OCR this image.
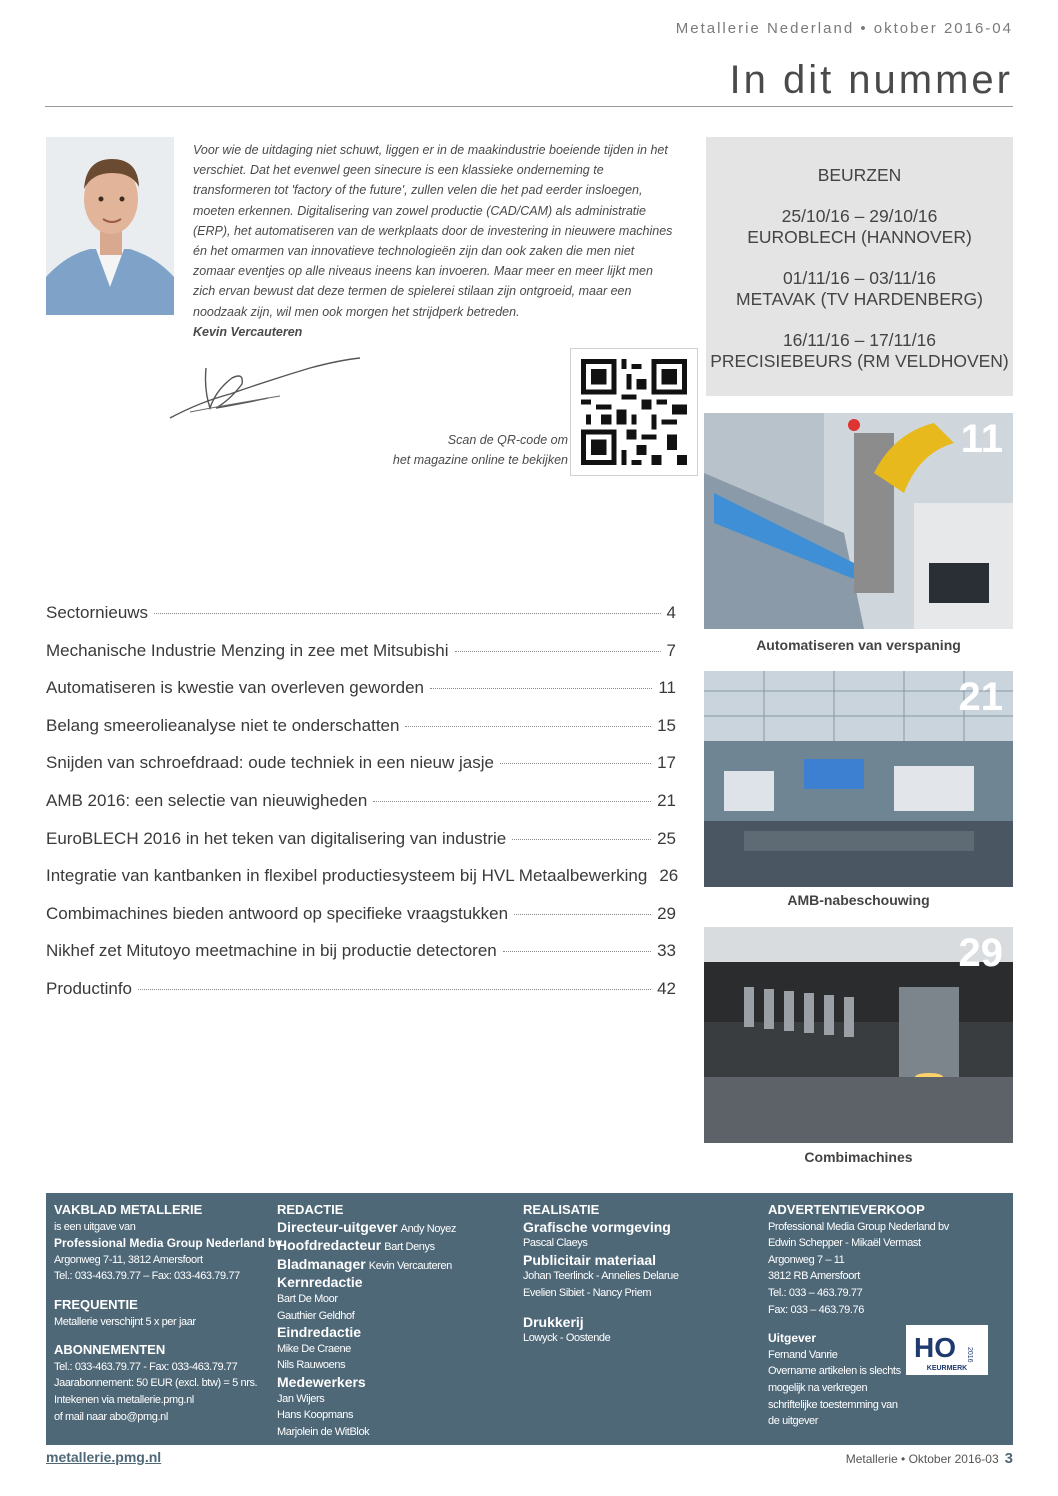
Metallerie Nederland • oktober 2016-04
In dit nummer
Voor wie de uitdaging niet schuwt, liggen er in de maakindustrie boeiende tijden in het verschiet. Dat het evenwel geen sinecure is een klassieke onderneming te transformeren tot 'factory of the future', zullen velen die het pad eerder insloegen, moeten erkennen. Digitalisering van zowel productie (CAD/CAM) als administratie (ERP), het automatiseren van de werkplaats door de investering in nieuwere machines én het omarmen van innovatieve technologieën zijn dan ook zaken die men niet zomaar eventjes op alle niveaus ineens kan invoeren. Maar meer en meer lijkt men zich ervan bewust dat deze termen de spielerei stilaan zijn ontgroeid, maar een noodzaak zijn, wil men ook morgen het strijdperk betreden.
Kevin Vercauteren
Scan de QR-code om
het magazine online te bekijken
BEURZEN
25/10/16 – 29/10/16
EUROBLECH (HANNOVER)
01/11/16 – 03/11/16
METAVAK (TV HARDENBERG)
16/11/16 – 17/11/16
PRECISIEBEURS (RM VELDHOVEN)
11
Automatiseren van verspaning
21
AMB-nabeschouwing
29
Combimachines
Sectornieuws	4
Mechanische Industrie Menzing in zee met Mitsubishi	7
Automatiseren is kwestie van overleven geworden	11
Belang smeerolieanalyse niet te onderschatten	15
Snijden van schroefdraad: oude techniek in een nieuw jasje	17
AMB 2016: een selectie van nieuwigheden	21
EuroBLECH 2016 in het teken van digitalisering van industrie	25
Integratie van kantbanken in flexibel productiesysteem bij HVL Metaalbewerking 26
Combimachines bieden antwoord op specifieke vraagstukken	29
Nikhef zet Mitutoyo meetmachine in bij productie detectoren	33
Productinfo	42
VAKBLAD METALLERIE
is een uitgave van
Professional Media Group Nederland bv
Argonweg 7-11, 3812 Amersfoort
Tel.: 033-463.79.77 – Fax: 033-463.79.77
FREQUENTIE
Metallerie verschijnt 5 x per jaar
ABONNEMENTEN
Tel.: 033-463.79.77 - Fax: 033-463.79.77
Jaarabonnement: 50 EUR (excl. btw) = 5 nrs.
Intekenen via metallerie.pmg.nl
of mail naar abo@pmg.nl
REDACTIE
Directeur-uitgever Andy Noyez
Hoofdredacteur Bart Denys
Bladmanager Kevin Vercauteren
Kernredactie
Bart De Moor
Gauthier Geldhof
Eindredactie
Mike De Craene
Nils Rauwoens
Medewerkers
Jan Wijers
Hans Koopmans
Marjolein de WitBlok
REALISATIE
Grafische vormgeving
Pascal Claeys
Publicitair materiaal
Johan Teerlinck - Annelies Delarue
Evelien Sibiet - Nancy Priem
Drukkerij
Lowyck - Oostende
ADVERTENTIEVERKOOP
Professional Media Group Nederland bv
Edwin Schepper - Mikaël Vermast
Argonweg 7 – 11
3812 RB Amersfoort
Tel.: 033 – 463.79.77
Fax: 033 – 463.79.76
Uitgever
Fernand Vanrie
Overname artikelen is slechts
mogelijk na verkregen
schriftelijke toestemming van
de uitgever
HO 2016
KEURMERK
metallerie.pmg.nl	Metallerie • Oktober 2016-03 3
